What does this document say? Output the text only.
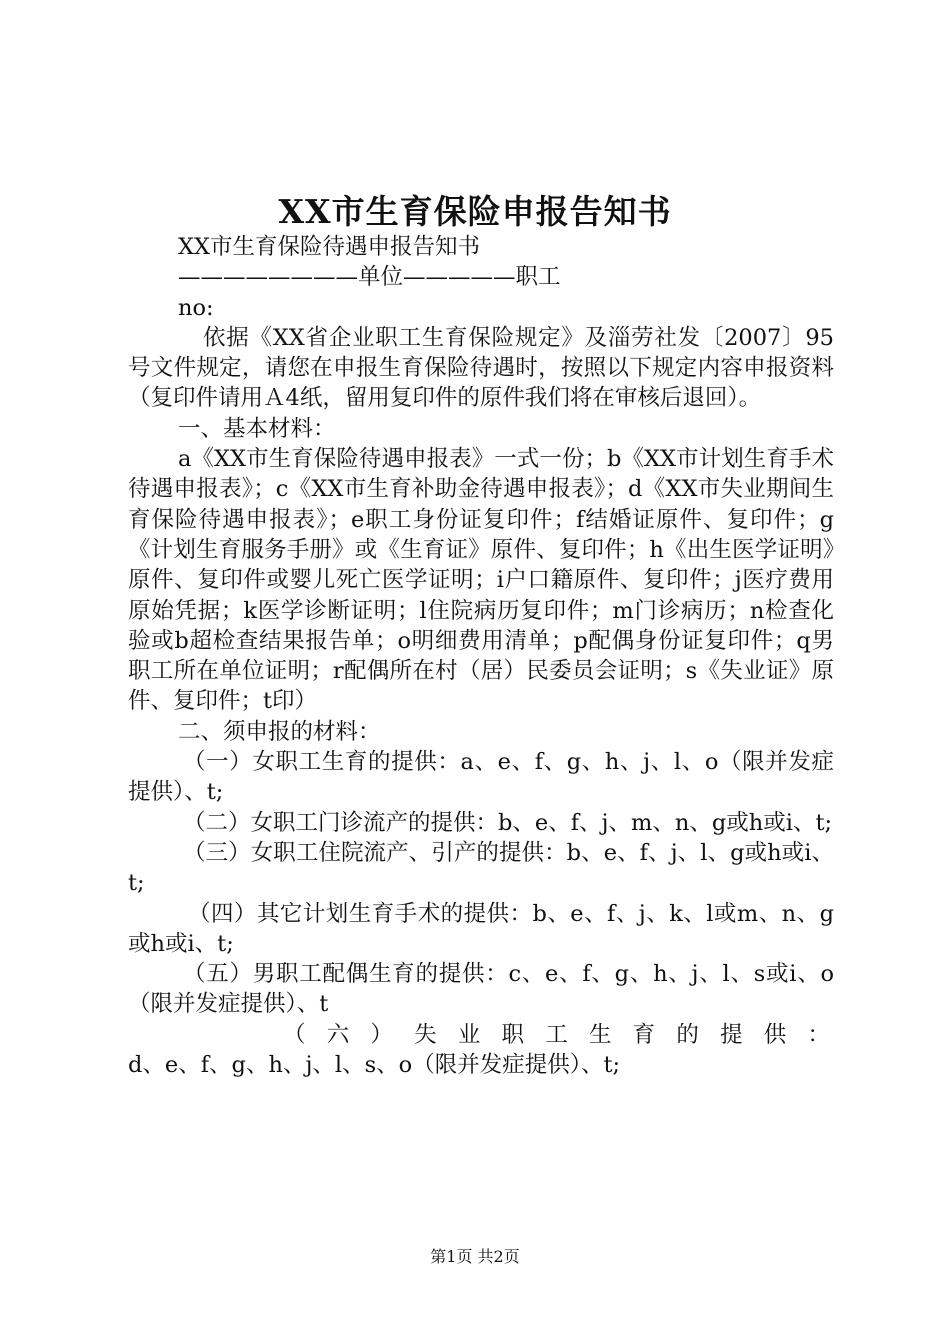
XX市生育保险申报告知书

XX市生育保险待遇申报告知书

————————单位—————职工

no:

依据《XX省企业职工生育保险规定》及淄劳社发〔2007〕95号文件规定，请您在申报生育保险待遇时，按照以下规定内容申报资料（复印件请用Ａ4纸，留用复印件的原件我们将在审核后退回）。

一、基本材料：

a《XX市生育保险待遇申报表》一式一份；b《XX市计划生育手术待遇申报表》；c《XX市生育补助金待遇申报表》；d《XX市失业期间生育保险待遇申报表》；e职工身份证复印件；f结婚证原件、复印件；g《计划生育服务手册》或《生育证》原件、复印件；h《出生医学证明》原件、复印件或婴儿死亡医学证明；i户口籍原件、复印件；j医疗费用原始凭据；k医学诊断证明；l住院病历复印件；m门诊病历；n检查化验或b超检查结果报告单；o明细费用清单；p配偶身份证复印件；q男职工所在单位证明；r配偶所在村（居）民委员会证明；s《失业证》原件、复印件；t印）

二、须申报的材料：

（一）女职工生育的提供：a、e、f、g、h、j、l、o（限并发症提供）、t;

（二）女职工门诊流产的提供：b、e、f、j、m、n、g或h或i、t;

（三）女职工住院流产、引产的提供：b、e、f、j、l、g或h或i、t;

（四）其它计划生育手术的提供：b、e、f、j、k、l或m、n、g或h或i、t;

（五）男职工配偶生育的提供：c、e、f、g、h、j、l、s或i、o（限并发症提供）、t

（六）失业职工生育的提供：

d、e、f、g、h、j、l、s、o（限并发症提供）、t;

第1页 共2页
